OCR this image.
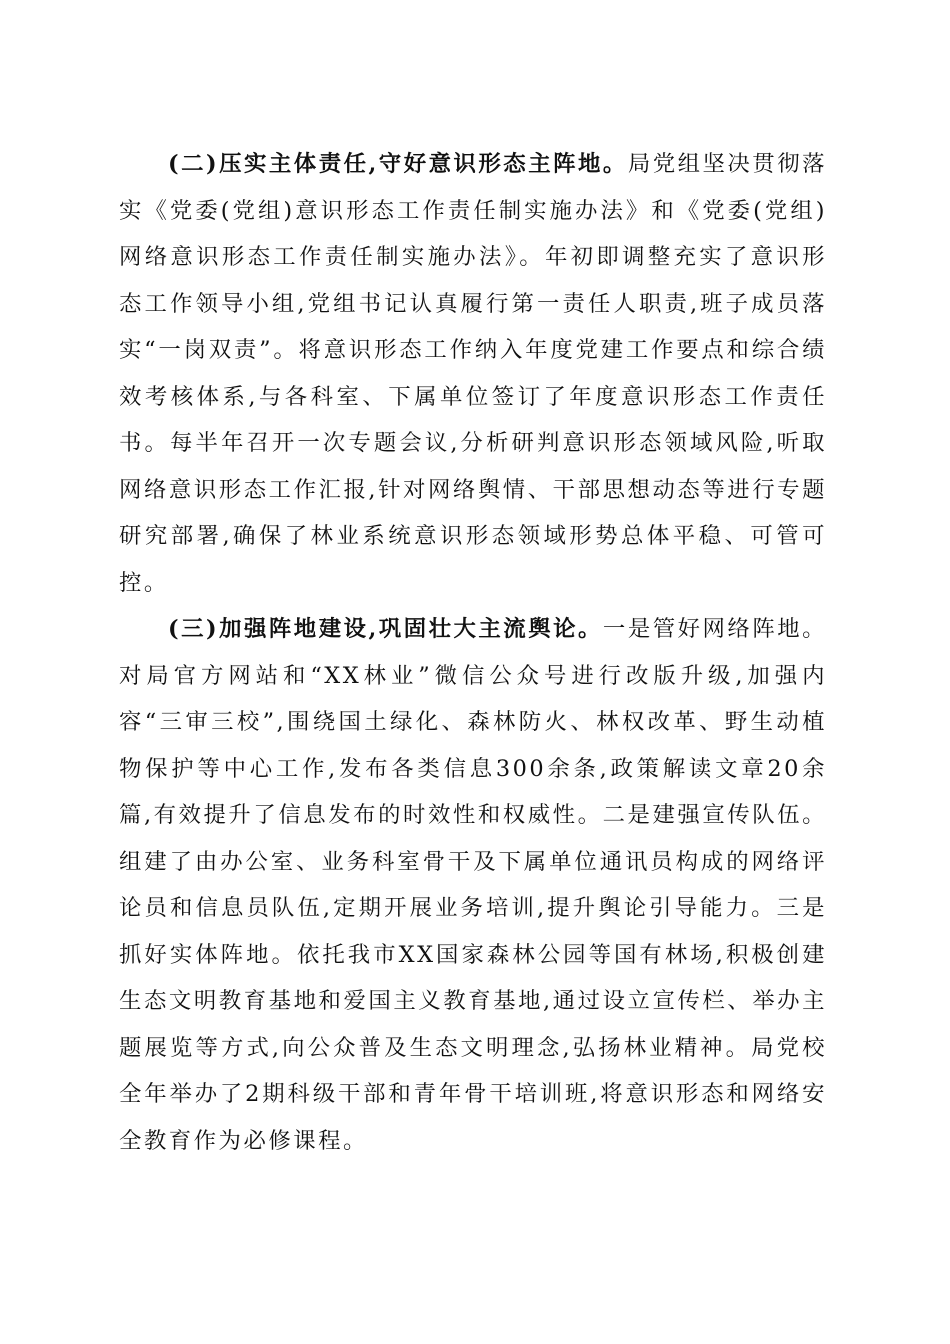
(二)压实主体责任,守好意识形态主阵地。局党组坚决贯彻落实《党委(党组)意识形态工作责任制实施办法》和《党委(党组)网络意识形态工作责任制实施办法》。年初即调整充实了意识形态工作领导小组,党组书记认真履行第一责任人职责,班子成员落实“一岗双责”。将意识形态工作纳入年度党建工作要点和综合绩效考核体系,与各科室、下属单位签订了年度意识形态工作责任书。每半年召开一次专题会议,分析研判意识形态领域风险,听取网络意识形态工作汇报,针对网络舆情、干部思想动态等进行专题研究部署,确保了林业系统意识形态领域形势总体平稳、可管可控。

(三)加强阵地建设,巩固壮大主流舆论。一是管好网络阵地。对局官方网站和“XX林业”微信公众号进行改版升级,加强内容“三审三校”,围绕国土绿化、森林防火、林权改革、野生动植物保护等中心工作,发布各类信息300余条,政策解读文章20余篇,有效提升了信息发布的时效性和权威性。二是建强宣传队伍。组建了由办公室、业务科室骨干及下属单位通讯员构成的网络评论员和信息员队伍,定期开展业务培训,提升舆论引导能力。三是抓好实体阵地。依托我市XX国家森林公园等国有林场,积极创建生态文明教育基地和爱国主义教育基地,通过设立宣传栏、举办主题展览等方式,向公众普及生态文明理念,弘扬林业精神。局党校全年举办了2期科级干部和青年骨干培训班,将意识形态和网络安全教育作为必修课程。
